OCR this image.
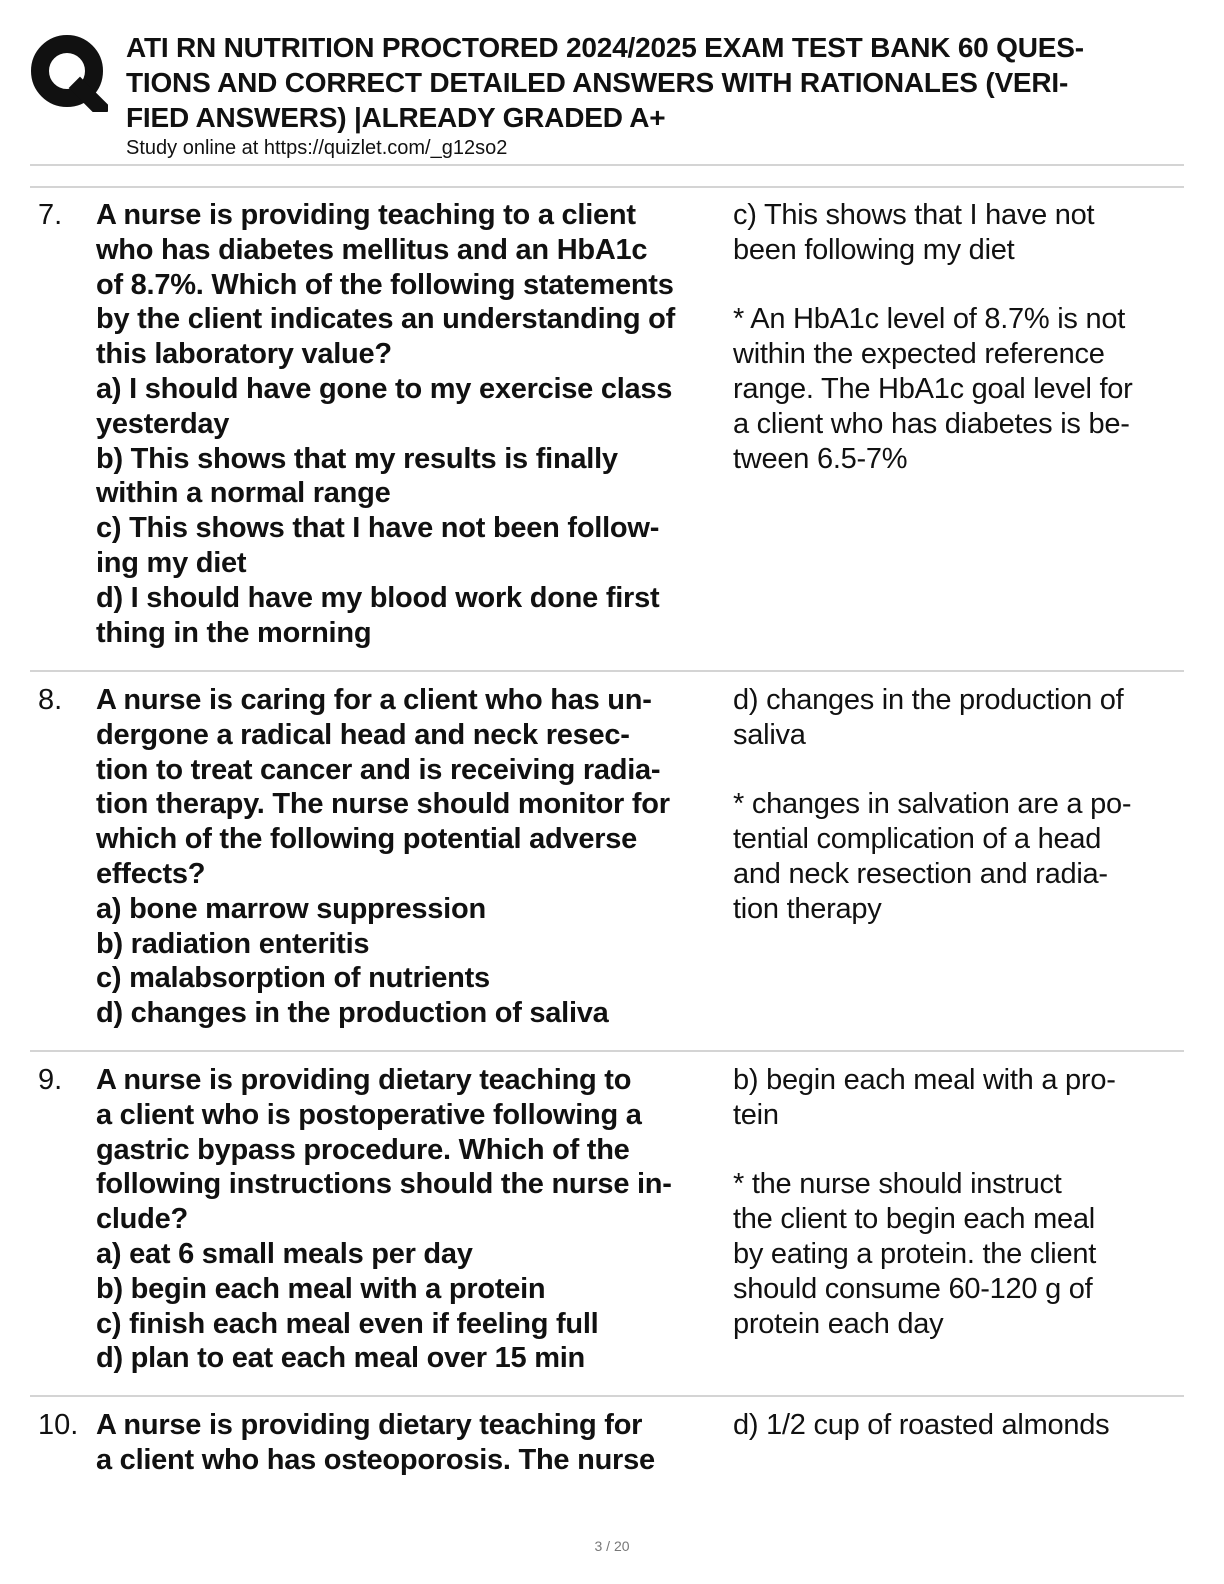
ATI RN NUTRITION PROCTORED 2024/2025 EXAM TEST BANK 60 QUES-
TIONS AND CORRECT DETAILED ANSWERS WITH RATIONALES (VERI-
FIED ANSWERS) |ALREADY GRADED A+
Study online at https://quizlet.com/_g12so2
7. A nurse is providing teaching to a client
who has diabetes mellitus and an HbA1c
of 8.7%. Which of the following statements
by the client indicates an understanding of
this laboratory value?
a) I should have gone to my exercise class
yesterday
b) This shows that my results is finally
within a normal range
c) This shows that I have not been follow-
ing my diet
d) I should have my blood work done first
thing in the morning
c) This shows that I have not
been following my diet

* An HbA1c level of 8.7% is not
within the expected reference
range. The HbA1c goal level for
a client who has diabetes is be-
tween 6.5-7%
8. A nurse is caring for a client who has un-
dergone a radical head and neck resec-
tion to treat cancer and is receiving radia-
tion therapy. The nurse should monitor for
which of the following potential adverse
effects?
a) bone marrow suppression
b) radiation enteritis
c) malabsorption of nutrients
d) changes in the production of saliva
d) changes in the production of
saliva

* changes in salvation are a po-
tential complication of a head
and neck resection and radia-
tion therapy
9. A nurse is providing dietary teaching to
a client who is postoperative following a
gastric bypass procedure. Which of the
following instructions should the nurse in-
clude?
a) eat 6 small meals per day
b) begin each meal with a protein
c) finish each meal even if feeling full
d) plan to eat each meal over 15 min
b) begin each meal with a pro-
tein

* the nurse should instruct
the client to begin each meal
by eating a protein. the client
should consume 60-120 g of
protein each day
10. A nurse is providing dietary teaching for
a client who has osteoporosis. The nurse
d) 1/2 cup of roasted almonds
3 / 20
